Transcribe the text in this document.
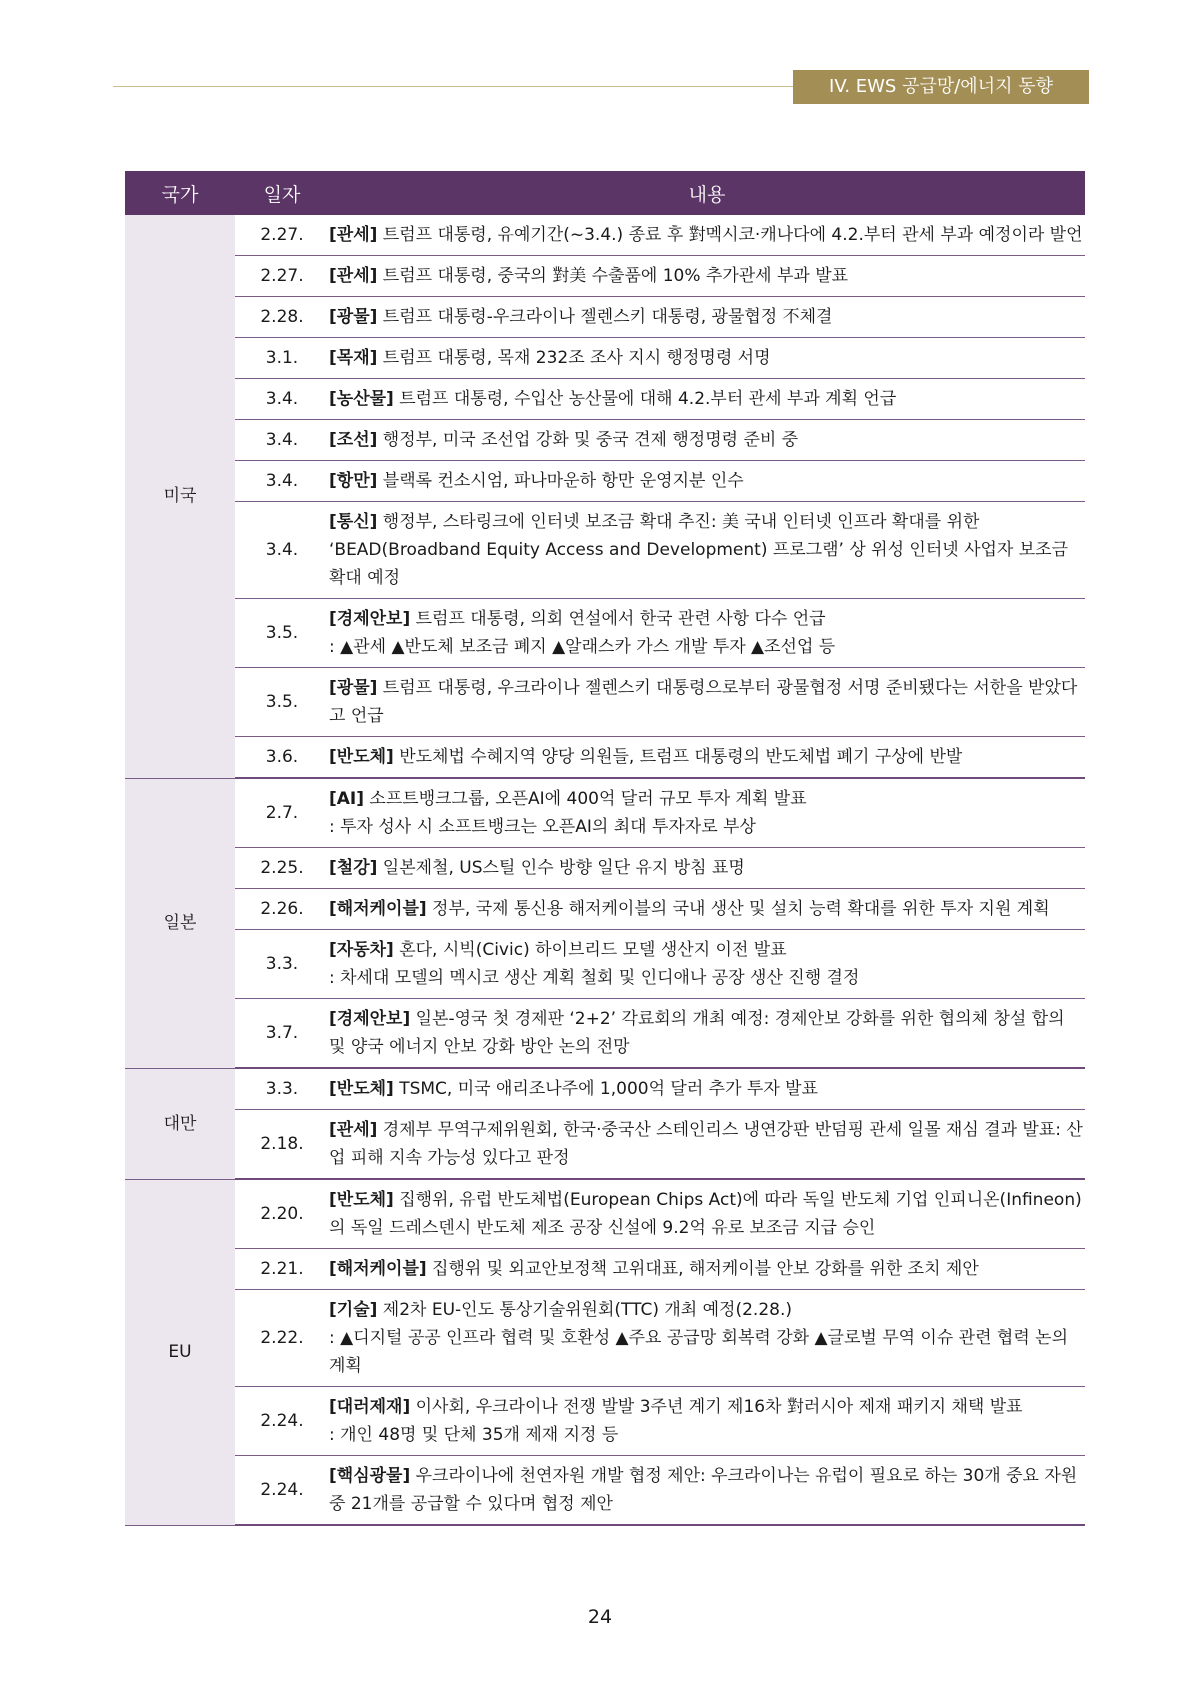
IV. EWS 공급망/에너지 동향
국가	일자	내용
미국	2.27.	[관세] 트럼프 대통령, 유예기간(~3.4.) 종료 후 對멕시코·캐나다에 4.2.부터 관세 부과 예정이라 발언
	2.27.	[관세] 트럼프 대통령, 중국의 對美 수출품에 10% 추가관세 부과 발표
	2.28.	[광물] 트럼프 대통령-우크라이나 젤렌스키 대통령, 광물협정 不체결
	3.1.	[목재] 트럼프 대통령, 목재 232조 조사 지시 행정명령 서명
	3.4.	[농산물] 트럼프 대통령, 수입산 농산물에 대해 4.2.부터 관세 부과 계획 언급
	3.4.	[조선] 행정부, 미국 조선업 강화 및 중국 견제 행정명령 준비 중
	3.4.	[항만] 블랙록 컨소시엄, 파나마운하 항만 운영지분 인수
	3.4.	[통신] 행정부, 스타링크에 인터넷 보조금 확대 추진: 美 국내 인터넷 인프라 확대를 위한 ‘BEAD(Broadband Equity Access and Development) 프로그램’ 상 위성 인터넷 사업자 보조금 확대 예정
	3.5.	[경제안보] 트럼프 대통령, 의회 연설에서 한국 관련 사항 다수 언급
: ▲관세 ▲반도체 보조금 폐지 ▲알래스카 가스 개발 투자 ▲조선업 등

	3.5.	[광물] 트럼프 대통령, 우크라이나 젤렌스키 대통령으로부터 광물협정 서명 준비됐다는 서한을 받았다고 언급
	3.6.	[반도체] 반도체법 수혜지역 양당 의원들, 트럼프 대통령의 반도체법 폐기 구상에 반발
일본	2.7.	[AI] 소프트뱅크그룹, 오픈AI에 400억 달러 규모 투자 계획 발표
: 투자 성사 시 소프트뱅크는 오픈AI의 최대 투자자로 부상

	2.25.	[철강] 일본제철, US스틸 인수 방향 일단 유지 방침 표명
	2.26.	[해저케이블] 정부, 국제 통신용 해저케이블의 국내 생산 및 설치 능력 확대를 위한 투자 지원 계획
	3.3.	[자동차] 혼다, 시빅(Civic) 하이브리드 모델 생산지 이전 발표
: 차세대 모델의 멕시코 생산 계획 철회 및 인디애나 공장 생산 진행 결정

	3.7.	[경제안보] 일본-영국 첫 경제판 ‘2+2’ 각료회의 개최 예정: 경제안보 강화를 위한 협의체 창설 합의 및 양국 에너지 안보 강화 방안 논의 전망
대만	3.3.	[반도체] TSMC, 미국 애리조나주에 1,000억 달러 추가 투자 발표
	2.18.	[관세] 경제부 무역구제위원회, 한국·중국산 스테인리스 냉연강판 반덤핑 관세 일몰 재심 결과 발표: 산업 피해 지속 가능성 있다고 판정
EU	2.20.	[반도체] 집행위, 유럽 반도체법(European Chips Act)에 따라 독일 반도체 기업 인피니온(Infineon)의 독일 드레스덴시 반도체 제조 공장 신설에 9.2억 유로 보조금 지급 승인
	2.21.	[해저케이블] 집행위 및 외교안보정책 고위대표, 해저케이블 안보 강화를 위한 조치 제안
	2.22.	[기술] 제2차 EU-인도 통상기술위원회(TTC) 개최 예정(2.28.)
: ▲디지털 공공 인프라 협력 및 호환성 ▲주요 공급망 회복력 강화 ▲글로벌 무역 이슈 관련 협력 논의 계획

	2.24.	[대러제재] 이사회, 우크라이나 전쟁 발발 3주년 계기 제16차 對러시아 제재 패키지 채택 발표
: 개인 48명 및 단체 35개 제재 지정 등

	2.24.	[핵심광물] 우크라이나에 천연자원 개발 협정 제안: 우크라이나는 유럽이 필요로 하는 30개 중요 자원 중 21개를 공급할 수 있다며 협정 제안
24
